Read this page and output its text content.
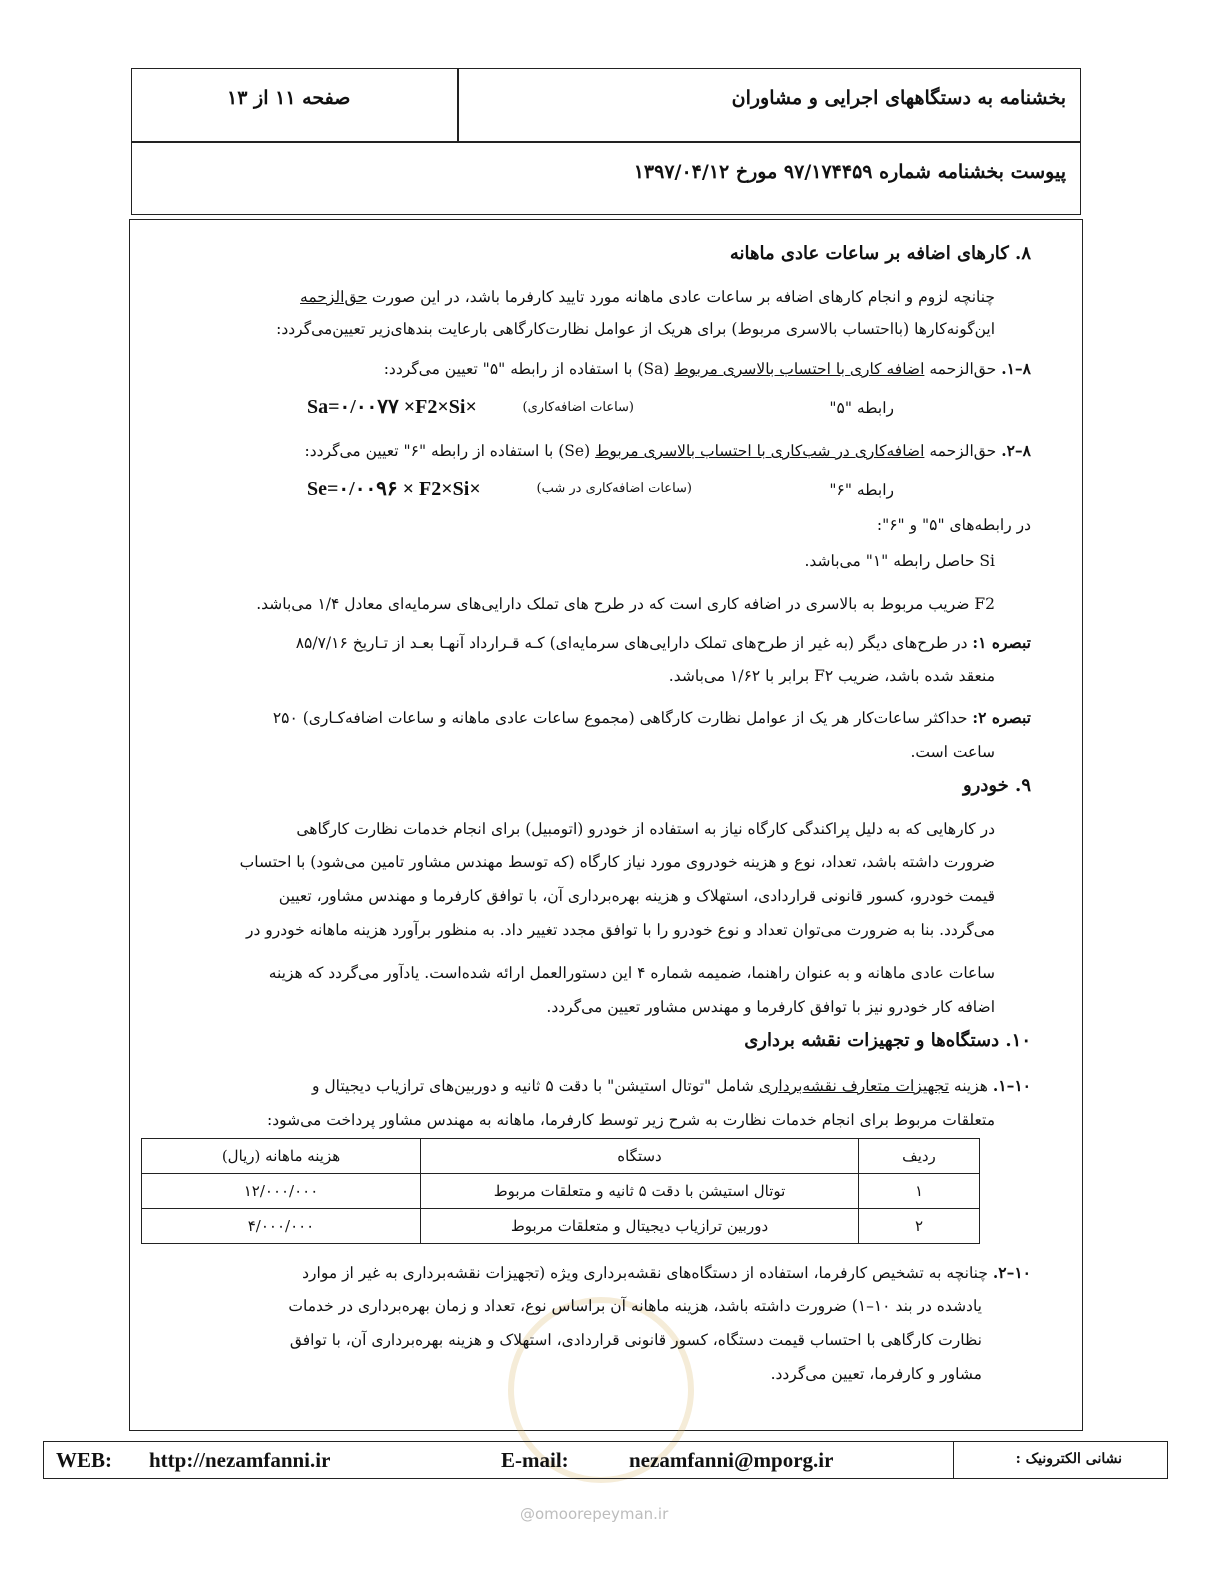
بخشنامه به دستگاههای اجرایی و مشاوران
صفحه ۱۱ از ۱۳
پیوست بخشنامه شماره ۹۷/۱۷۴۴۵۹ مورخ ۱۳۹۷/۰۴/۱۲
۸. کارهای اضافه بر ساعات عادی ماهانه
چنانچه لزوم و انجام کارهای اضافه بر ساعات عادی ماهانه مورد تایید کارفرما باشد، در این صورت حق‌الزحمه
این‌گونه‌کارها (بااحتساب بالاسری مربوط) برای هریک از عوامل نظارت‌کارگاهی بارعایت بندهای‌زیر تعیین‌می‌گردد:
۸–۱. حق‌الزحمه اضافه کاری با احتساب بالاسری مربوط (Sa) با استفاده از رابطه "۵" تعیین می‌گردد:
رابطه "۵"
(ساعات اضافه‌کاری)
Sa=۰/۰۰۷۷ ×F2×Si×
۸–۲. حق‌الزحمه اضافه‌کاری در شب‌کاری با احتساب بالاسری مربوط (Se) با استفاده از رابطه "۶" تعیین می‌گردد:
رابطه "۶"
(ساعات اضافه‌کاری در شب)
Se=۰/۰۰۹۶ × F2×Si×
در رابطه‌های "۵" و "۶":
Si حاصل رابطه "۱" می‌باشد.
F2 ضریب مربوط به بالاسری در اضافه کاری است که در طرح های تملک دارایی‌های سرمایه‌ای معادل ۱/۴ می‌باشد.
تبصره ۱: در طرح‌های دیگر (به غیر از طرح‌های تملک دارایی‌های سرمایه‌ای) کـه قـرارداد آنهـا بعـد از تـاریخ ۸۵/۷/۱۶
منعقد شده باشد، ضریب F۲ برابر با ۱/۶۲ می‌باشد.
تبصره ۲: حداکثر ساعات‌کار هر یک از عوامل نظارت کارگاهی (مجموع ساعات عادی ماهانه و ساعات اضافه‌کـاری) ۲۵۰
ساعت است.
۹. خودرو
در کارهایی که به دلیل پراکندگی کارگاه نیاز به استفاده از خودرو (اتومبیل) برای انجام خدمات نظارت کارگاهی
ضرورت داشته باشد، تعداد، نوع و هزینه خودروی مورد نیاز کارگاه (که توسط مهندس مشاور تامین می‌شود) با احتساب
قیمت خودرو، کسور قانونی قراردادی، استهلاک و هزینه بهره‌برداری آن، با توافق کارفرما و مهندس مشاور، تعیین
می‌گردد. بنا به ضرورت می‌توان تعداد و نوع خودرو را با توافق مجدد تغییر داد. به منظور برآورد هزینه ماهانه خودرو در
ساعات عادی ماهانه و به عنوان راهنما، ضمیمه شماره ۴ این دستورالعمل ارائه شده‌است. یادآور می‌گردد که هزینه
اضافه کار خودرو نیز با توافق کارفرما و مهندس مشاور تعیین می‌گردد.
۱۰. دستگاه‌ها و تجهیزات نقشه برداری
۱۰–۱. هزینه تجهیزات متعارف نقشه‌برداری شامل "توتال استیشن" با دقت ۵ ثانیه و دوربین‌های ترازیاب دیجیتال و
متعلقات مربوط برای انجام خدمات نظارت به شرح زیر توسط کارفرما، ماهانه به مهندس مشاور پرداخت می‌شود:
ردیف	دستگاه	هزینه ماهانه (ریال)
۱	توتال استیشن با دقت ۵ ثانیه و متعلقات مربوط	۱۲/۰۰۰/۰۰۰
۲	دوربین ترازیاب دیجیتال و متعلقات مربوط	۴/۰۰۰/۰۰۰
۱۰–۲. چنانچه به تشخیص کارفرما، استفاده از دستگاه‌های نقشه‌برداری ویژه (تجهیزات نقشه‌برداری به غیر از موارد
یادشده در بند ۱۰–۱) ضرورت داشته باشد، هزینه ماهانه آن براساس نوع، تعداد و زمان بهره‌برداری در خدمات
نظارت کارگاهی با احتساب قیمت دستگاه، کسور قانونی قراردادی، استهلاک و هزینه بهره‌برداری آن، با توافق
مشاور و کارفرما، تعیین می‌گردد.
WEB: http://nezamfanni.ir	E-mail:	nezamfanni@mporg.ir	نشانی الکترونیک :
@omoorepeyman.ir
